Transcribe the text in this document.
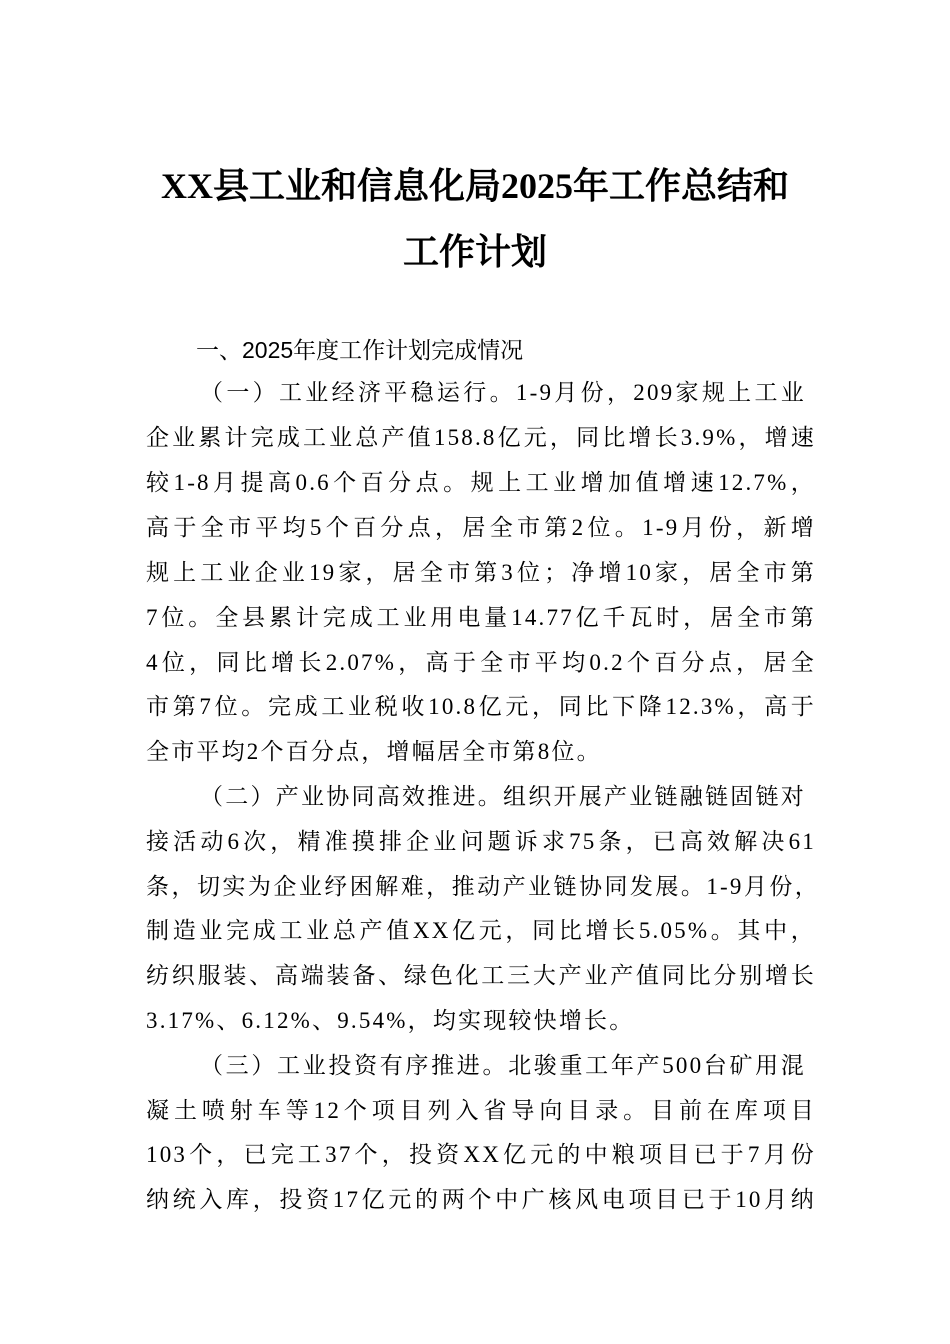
XX县工业和信息化局2025年工作总结和
工作计划
一、2025年度工作计划完成情况
（一）工业经济平稳运行。1-9月份，209家规上工业
企业累计完成工业总产值158.8亿元，同比增长3.9%，增速
较1-8月提高0.6个百分点。规上工业增加值增速12.7%，
高于全市平均5个百分点，居全市第2位。1-9月份，新增
规上工业企业19家，居全市第3位；净增10家，居全市第
7位。全县累计完成工业用电量14.77亿千瓦时，居全市第
4位，同比增长2.07%，高于全市平均0.2个百分点，居全
市第7位。完成工业税收10.8亿元，同比下降12.3%，高于
全市平均2个百分点，增幅居全市第8位。
（二）产业协同高效推进。组织开展产业链融链固链对
接活动6次，精准摸排企业问题诉求75条，已高效解决61
条，切实为企业纾困解难，推动产业链协同发展。1-9月份，
制造业完成工业总产值XX亿元，同比增长5.05%。其中，
纺织服装、高端装备、绿色化工三大产业产值同比分别增长
3.17%、6.12%、9.54%，均实现较快增长。
（三）工业投资有序推进。北骏重工年产500台矿用混
凝土喷射车等12个项目列入省导向目录。目前在库项目
103个，已完工37个，投资XX亿元的中粮项目已于7月份
纳统入库，投资17亿元的两个中广核风电项目已于10月纳
